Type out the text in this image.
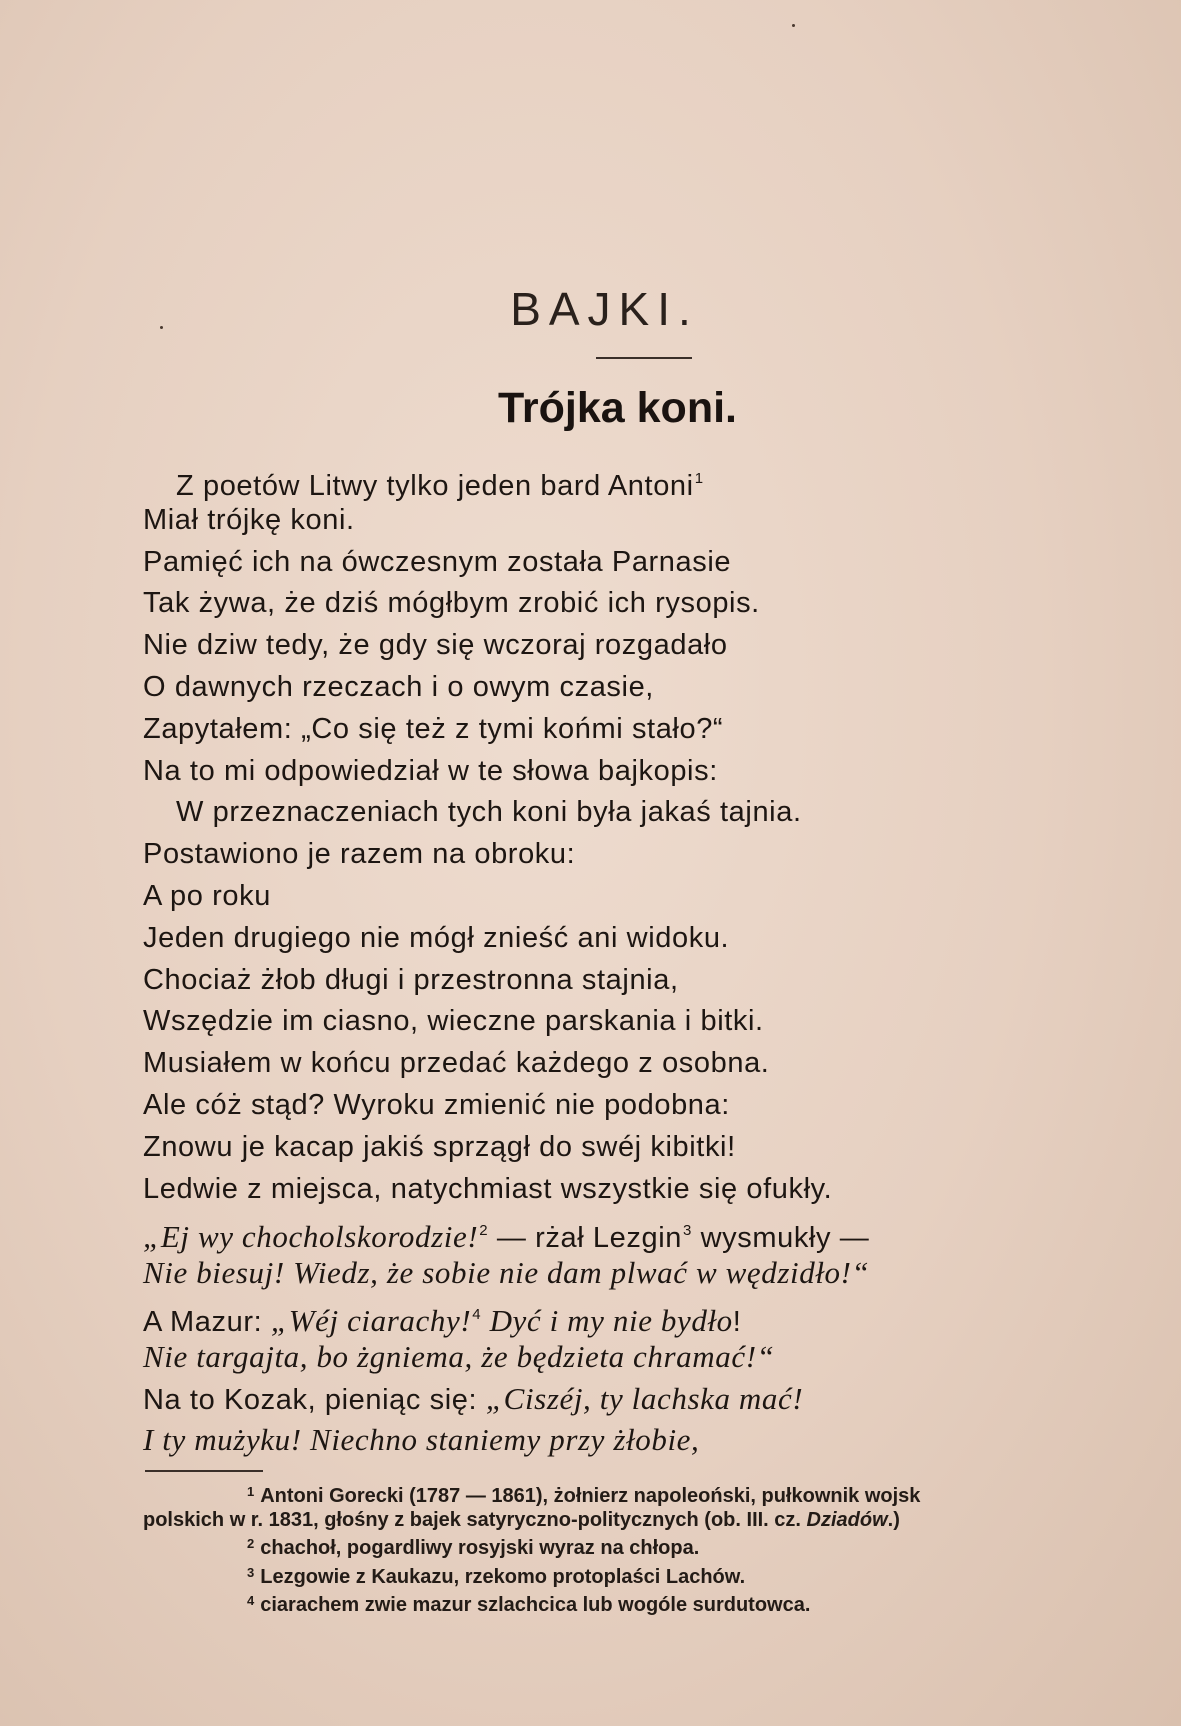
BAJKI.
Trójka koni.
Z poetów Litwy tylko jeden bard Antoni$^1$
Miał trójkę koni.
Pamięć ich na ówczesnym została Parnasie
Tak żywa, że dziś mógłbym zrobić ich rysopis.
Nie dziw tedy, że gdy się wczoraj rozgadało
O dawnych rzeczach i o owym czasie,
Zapytałem: „Co się też z tymi końmi stało?“
Na to mi odpowiedział w te słowa bajkopis:
W przeznaczeniach tych koni była jakaś tajnia.
Postawiono je razem na obroku:
A po roku
Jeden drugiego nie mógł znieść ani widoku.
Chociaż żłob długi i przestronna stajnia,
Wszędzie im ciasno, wieczne parskania i bitki.
Musiałem w końcu przedać każdego z osobna.
Ale cóż stąd? Wyroku zmienić nie podobna:
Znowu je kacap jakiś sprzągł do swéj kibitki!
Ledwie z miejsca, natychmiast wszystkie się ofukły.
„Ej wy chocholskorodzie!$^2$ — rżał Lezgin$^3$ wysmukły —
Nie biesuj! Wiedz, że sobie nie dam plwać w wędzidło!“
A Mazur: „Wéj ciarachy!$^4$ Dyć i my nie bydło!
Nie targajta, bo żgniema, że będzieta chramać!“
Na to Kozak, pieniąc się: „Ciszéj, ty lachska mać!
I ty mużyku! Niechno staniemy przy żłobie,
$^1$ Antoni Gorecki (1787 — 1861), żołnierz napoleoński, pułkownik wojsk
polskich w r. 1831, głośny z bajek satyryczno-politycznych (ob. III. cz. Dziadów.)
$^2$ chachoł, pogardliwy rosyjski wyraz na chłopa.
$^3$ Lezgowie z Kaukazu, rzekomo protoplaści Lachów.
$^4$ ciarachem zwie mazur szlachcica lub wogóle surdutowca.
